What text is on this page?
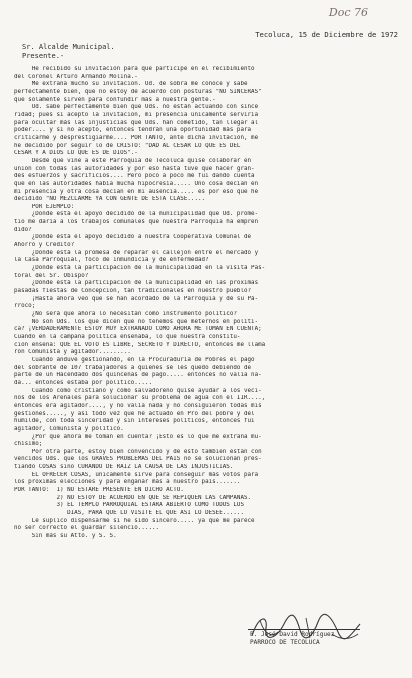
Doc 76
Tecoluca, 15 de Diciembre de 1972
Sr. Alcalde Municipal.
Presente.-
He recibido su invitación para que participe en el recibimiento
del Coronel Arturo Armando Molina.-
Me extraña mucho su invitación. Ud. de sobra me conoce y sabe
perfectamente bien, que no estoy de acuerdo con posturas "NO SINCERAS"
que solamente sirven para confundir más a nuestra gente.-
Ud. sabe perfectamente bien que Uds. no están actuando con since
ridad; pues si acepto la invitación, mi presencia únicamente serviría
para ocultar más las injusticias que Uds. han cometido, tan llegar al
poder.... y si no acepto, entonces tendrán una oportunidad más para
criticarme y desprestigiarme.... POR TANTO, ante dicha invitación, me
he decidido por seguir lo de CRISTO: "DAD AL CESAR LO QUE ES DEL
CESAR Y A DIOS LO QUE ES DE DIOS".-
Desde que vine a este Parroquia de Tecoluca quise colaborar en
unión con todas las autoridades y por eso hasta tuve que hacer gran-
des esfuerzos y sacrificios.... Pero poco a poco me fui dando cuenta
que en las autoridades había mucha hipocresía..... Uno cosa decían en
mi presencia y otra cosa decían en mi ausencia..... es por eso que he
decidido "NO MEZCLARME YA CON GENTE DE ESTA CLASE.....
POR EJEMPLO:
¿Dónde está el apoyo decidido de la municipalidad que Ud. prome-
tió me daría a los trabajos comunales que nuestra Parroquia ha empren
dido?
¿Dónde está el apoyo decidido a nuestra Cooperativa Comunal de
Ahorro y Crédito?
¿Dónde está la promesa de reparar el callejón entre el mercado y
la Casa Parroquial, foco de inmundicia y de enfermedad?
¿Dónde está la participación de la municipalidad en la visita Pas-
toral del Sr. Obispo?
¿Dónde está la participación de la municipalidad en las próximas
pasadas fiestas de Concepción, tan tradicionales en nuestro pueblo?
¡Hasta ahora veo que se han acordado de la Parroquia y de su Pá-
rroco;
¿No será que ahora lo necesitan como instrumento político?
No son Uds. los que dicen que no tenemos que meternos en políti-
ca? ¡VERDADERAMENTE ESTOY MUY EXTRAÑADO COMO AHORA ME TOMAN EN CUENTA;
Cuando en la campaña política enseñaba, lo que nuestra constitu-
ción enseña: QUE EL VOTO ES LIBRE, SECRETO Y DIRECTO, entonces me llama
ron Comunista y agitador.........
Cuando anduve gestionando, en la Procuraduría de Pobres el pago
del sobrante de 107 trabajadores a quienes se les quedó debiendo de
parte de un Hacendado dos quincenas de pago..... entonces no valía na-
da... entonces estaba por político.....
Cuando como cristiano y como salvadoreño quise ayudar a los veci-
nos de los Arenales para solucionar su problema de agua con el IIR....,
entonces era agitador...., y no valía nada y no consiguieron todas mis
gestiones....., y así todo vez que he actuado en Pro del pobre y del
humilde, con toda sinceridad y sin intereses políticos, entonces fui
agitador, Comunista y político.
¿Por qué ahora me toman en cuenta? ¡Esto es lo que me extraña mu-
chísimo;
Por otra parte, estoy bien convencido y de esto también están con
vencidos Uds. que los GRAVES PROBLEMAS DEL PAIS no se solucionan pres-
tiando COSAS sino CURANDO DE RAIZ LA CAUSA DE LAS INJUSTICIAS.
EL OFRECER COSAS, únicamente sirve para conseguir más votos para
los próximas elecciones y para engañar más a nuestro país.......
POR TANTO:  1) NO ESTARE PRESENTE EN DICHO ACTO.
2) NO ESTOY DE ACUERDO EN QUE SE REPIQUEN LAS CAMPANAS.
3) EL TEMPLO PARROQUIAL ESTARA ABIERTO COMO TODOS LOS
DIAS, PARA QUE LO VISITE EL QUE ASI LO DESEE......
Le suplico dispensarme si he sido sincero..... ya que me parece
no ser correcto el guardar silencio......
Sin más su Atto. y S. S.
P. José David Rodríguez
PARROCO DE TECOLUCA
